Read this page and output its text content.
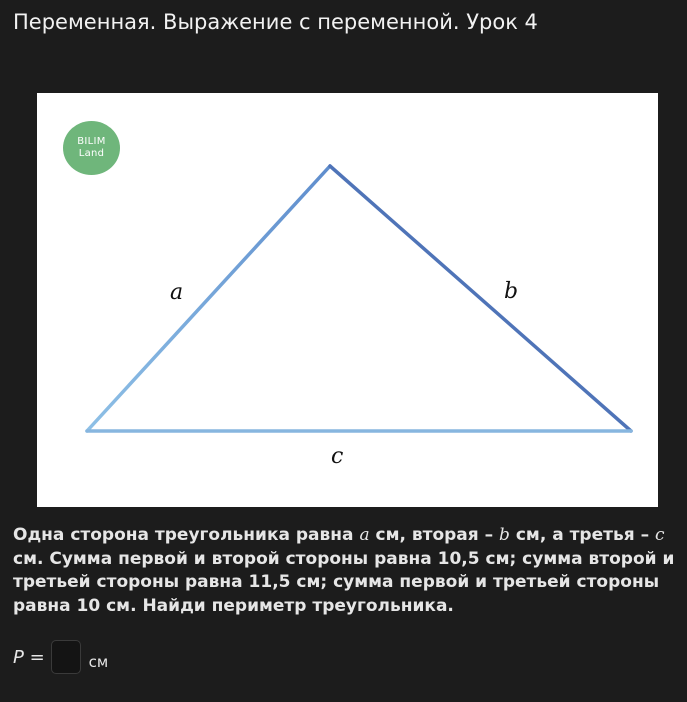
Переменная. Выражение с переменной. Урок 4
BILIM
Land
a	b
c
Одна сторона треугольника равна a см, вторая – b см, а третья – c см. Сумма первой и второй стороны равна 10,5 см; сумма второй и третьей стороны равна 11,5 см; сумма первой и третьей стороны равна 10 см. Найди периметр треугольника.
P =	см
